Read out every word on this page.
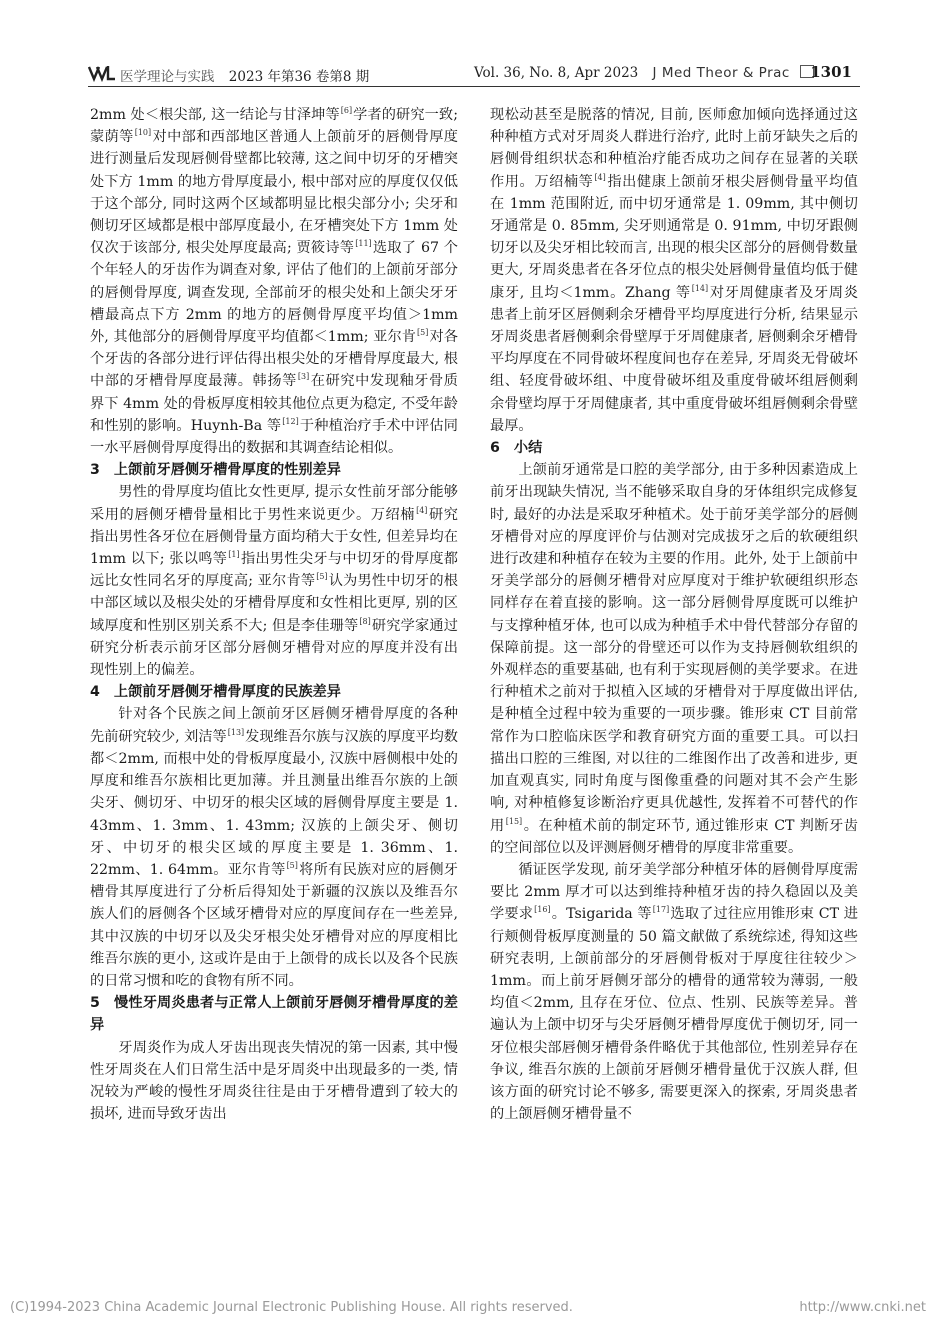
医学理论与实践 2023 年第36 卷第8 期	Vol. 36, No. 8, Apr 2023 J Med Theor & Prac	1301

2mm 处＜根尖部, 这一结论与甘泽坤等[6]学者的研究一致; 蒙荫等[10]对中部和西部地区普通人上颌前牙的唇侧骨厚度进行测量后发现唇侧骨壁都比较薄, 这之间中切牙的牙槽突处下方 1mm 的地方骨厚度最小, 根中部对应的厚度仅仅低于这个部分, 同时这两个区域都明显比根尖部分小; 尖牙和侧切牙区域都是根中部厚度最小, 在牙槽突处下方 1mm 处仅次于该部分, 根尖处厚度最高; 贾筱诗等[11]选取了 67 个个年轻人的牙齿作为调查对象, 评估了他们的上颌前牙部分的唇侧骨厚度, 调查发现, 全部前牙的根尖处和上颌尖牙牙槽最高点下方 2mm 的地方的唇侧骨厚度平均值＞1mm 外, 其他部分的唇侧骨厚度平均值都＜1mm; 亚尔肯[5]对各个牙齿的各部分进行评估得出根尖处的牙槽骨厚度最大, 根中部的牙槽骨厚度最薄。韩扬等[3]在研究中发现釉牙骨质界下 4mm 处的骨板厚度相较其他位点更为稳定, 不受年龄和性别的影响。Huynh-Ba 等[12]于种植治疗手术中评估同一水平唇侧骨厚度得出的数据和其调查结论相似。

3 上颌前牙唇侧牙槽骨厚度的性别差异

男性的骨厚度均值比女性更厚, 提示女性前牙部分能够采用的唇侧牙槽骨量相比于男性来说更少。万绍楠[4]研究指出男性各牙位在唇侧骨量方面均稍大于女性, 但差异均在 1mm 以下; 张以鸣等[1]指出男性尖牙与中切牙的骨厚度都远比女性同名牙的厚度高; 亚尔肯等[5]认为男性中切牙的根中部区域以及根尖处的牙槽骨厚度和女性相比更厚, 别的区域厚度和性别区别关系不大; 但是李佳珊等[8]研究学家通过研究分析表示前牙区部分唇侧牙槽骨对应的厚度并没有出现性别上的偏差。

4 上颌前牙唇侧牙槽骨厚度的民族差异

针对各个民族之间上颌前牙区唇侧牙槽骨厚度的各种先前研究较少, 刘洁等[13]发现维吾尔族与汉族的厚度平均数都＜2mm, 而根中处的骨板厚度最小, 汉族中唇侧根中处的厚度和维吾尔族相比更加薄。并且测量出维吾尔族的上颌尖牙、侧切牙、中切牙的根尖区域的唇侧骨厚度主要是 1. 43mm、1. 3mm、1. 43mm; 汉族的上颌尖牙、侧切牙、中切牙的根尖区域的厚度主要是 1. 36mm、1. 22mm、1. 64mm。亚尔肯等[5]将所有民族对应的唇侧牙槽骨其厚度进行了分析后得知处于新疆的汉族以及维吾尔族人们的唇侧各个区域牙槽骨对应的厚度间存在一些差异, 其中汉族的中切牙以及尖牙根尖处牙槽骨对应的厚度相比维吾尔族的更小, 这或许是由于上颌骨的成长以及各个民族的日常习惯和吃的食物有所不同。

5 慢性牙周炎患者与正常人上颌前牙唇侧牙槽骨厚度的差异

牙周炎作为成人牙齿出现丧失情况的第一因素, 其中慢性牙周炎在人们日常生活中是牙周炎中出现最多的一类, 情况较为严峻的慢性牙周炎往往是由于牙槽骨遭到了较大的损坏, 进而导致牙齿出

现松动甚至是脱落的情况, 目前, 医师愈加倾向选择通过这种种植方式对牙周炎人群进行治疗, 此时上前牙缺失之后的唇侧骨组织状态和种植治疗能否成功之间存在显著的关联作用。万绍楠等[4]指出健康上颌前牙根尖唇侧骨量平均值在 1mm 范围附近, 而中切牙通常是 1. 09mm, 其中侧切牙通常是 0. 85mm, 尖牙则通常是 0. 91mm, 中切牙跟侧切牙以及尖牙相比较而言, 出现的根尖区部分的唇侧骨数量更大, 牙周炎患者在各牙位点的根尖处唇侧骨量值均低于健康牙, 且均＜1mm。Zhang 等[14]对牙周健康者及牙周炎患者上前牙区唇侧剩余牙槽骨平均厚度进行分析, 结果显示牙周炎患者唇侧剩余骨壁厚于牙周健康者, 唇侧剩余牙槽骨平均厚度在不同骨破坏程度间也存在差异, 牙周炎无骨破坏组、轻度骨破坏组、中度骨破坏组及重度骨破坏组唇侧剩余骨壁均厚于牙周健康者, 其中重度骨破坏组唇侧剩余骨壁最厚。

6 小结

上颌前牙通常是口腔的美学部分, 由于多种因素造成上前牙出现缺失情况, 当不能够采取自身的牙体组织完成修复时, 最好的办法是采取牙种植术。处于前牙美学部分的唇侧牙槽骨对应的厚度评价与估测对完成拔牙之后的软硬组织进行改建和种植存在较为主要的作用。此外, 处于上颌前中牙美学部分的唇侧牙槽骨对应厚度对于维护软硬组织形态同样存在着直接的影响。这一部分唇侧骨厚度既可以维护与支撑种植牙体, 也可以成为种植手术中骨代替部分存留的保障前提。这一部分的骨壁还可以作为支持唇侧软组织的外观样态的重要基础, 也有利于实现唇侧的美学要求。在进行种植术之前对于拟植入区域的牙槽骨对于厚度做出评估, 是种植全过程中较为重要的一项步骤。锥形束 CT 目前常常作为口腔临床医学和教育研究方面的重要工具。可以扫描出口腔的三维图, 对以往的二维图作出了改善和进步, 更加直观真实, 同时角度与图像重叠的问题对其不会产生影响, 对种植修复诊断治疗更具优越性, 发挥着不可替代的作用[15]。在种植术前的制定环节, 通过锥形束 CT 判断牙齿的空间部位以及评测唇侧牙槽骨的厚度非常重要。

循证医学发现, 前牙美学部分种植牙体的唇侧骨厚度需要比 2mm 厚才可以达到维持种植牙齿的持久稳固以及美学要求[16]。Tsigarida 等[17]选取了过往应用锥形束 CT 进行颊侧骨板厚度测量的 50 篇文献做了系统综述, 得知这些研究表明, 上颌前部分的牙唇侧骨板对于厚度往往较少＞1mm。而上前牙唇侧牙部分的槽骨的通常较为薄弱, 一般均值＜2mm, 且存在牙位、位点、性别、民族等差异。普遍认为上颌中切牙与尖牙唇侧牙槽骨厚度优于侧切牙, 同一牙位根尖部唇侧牙槽骨条件略优于其他部位, 性别差异存在争议, 维吾尔族的上颌前牙唇侧牙槽骨量优于汉族人群, 但该方面的研究讨论不够多, 需要更深入的探索, 牙周炎患者的上颌唇侧牙槽骨量不

(C)1994-2023 China Academic Journal Electronic Publishing House. All rights reserved.	http://www.cnki.net
